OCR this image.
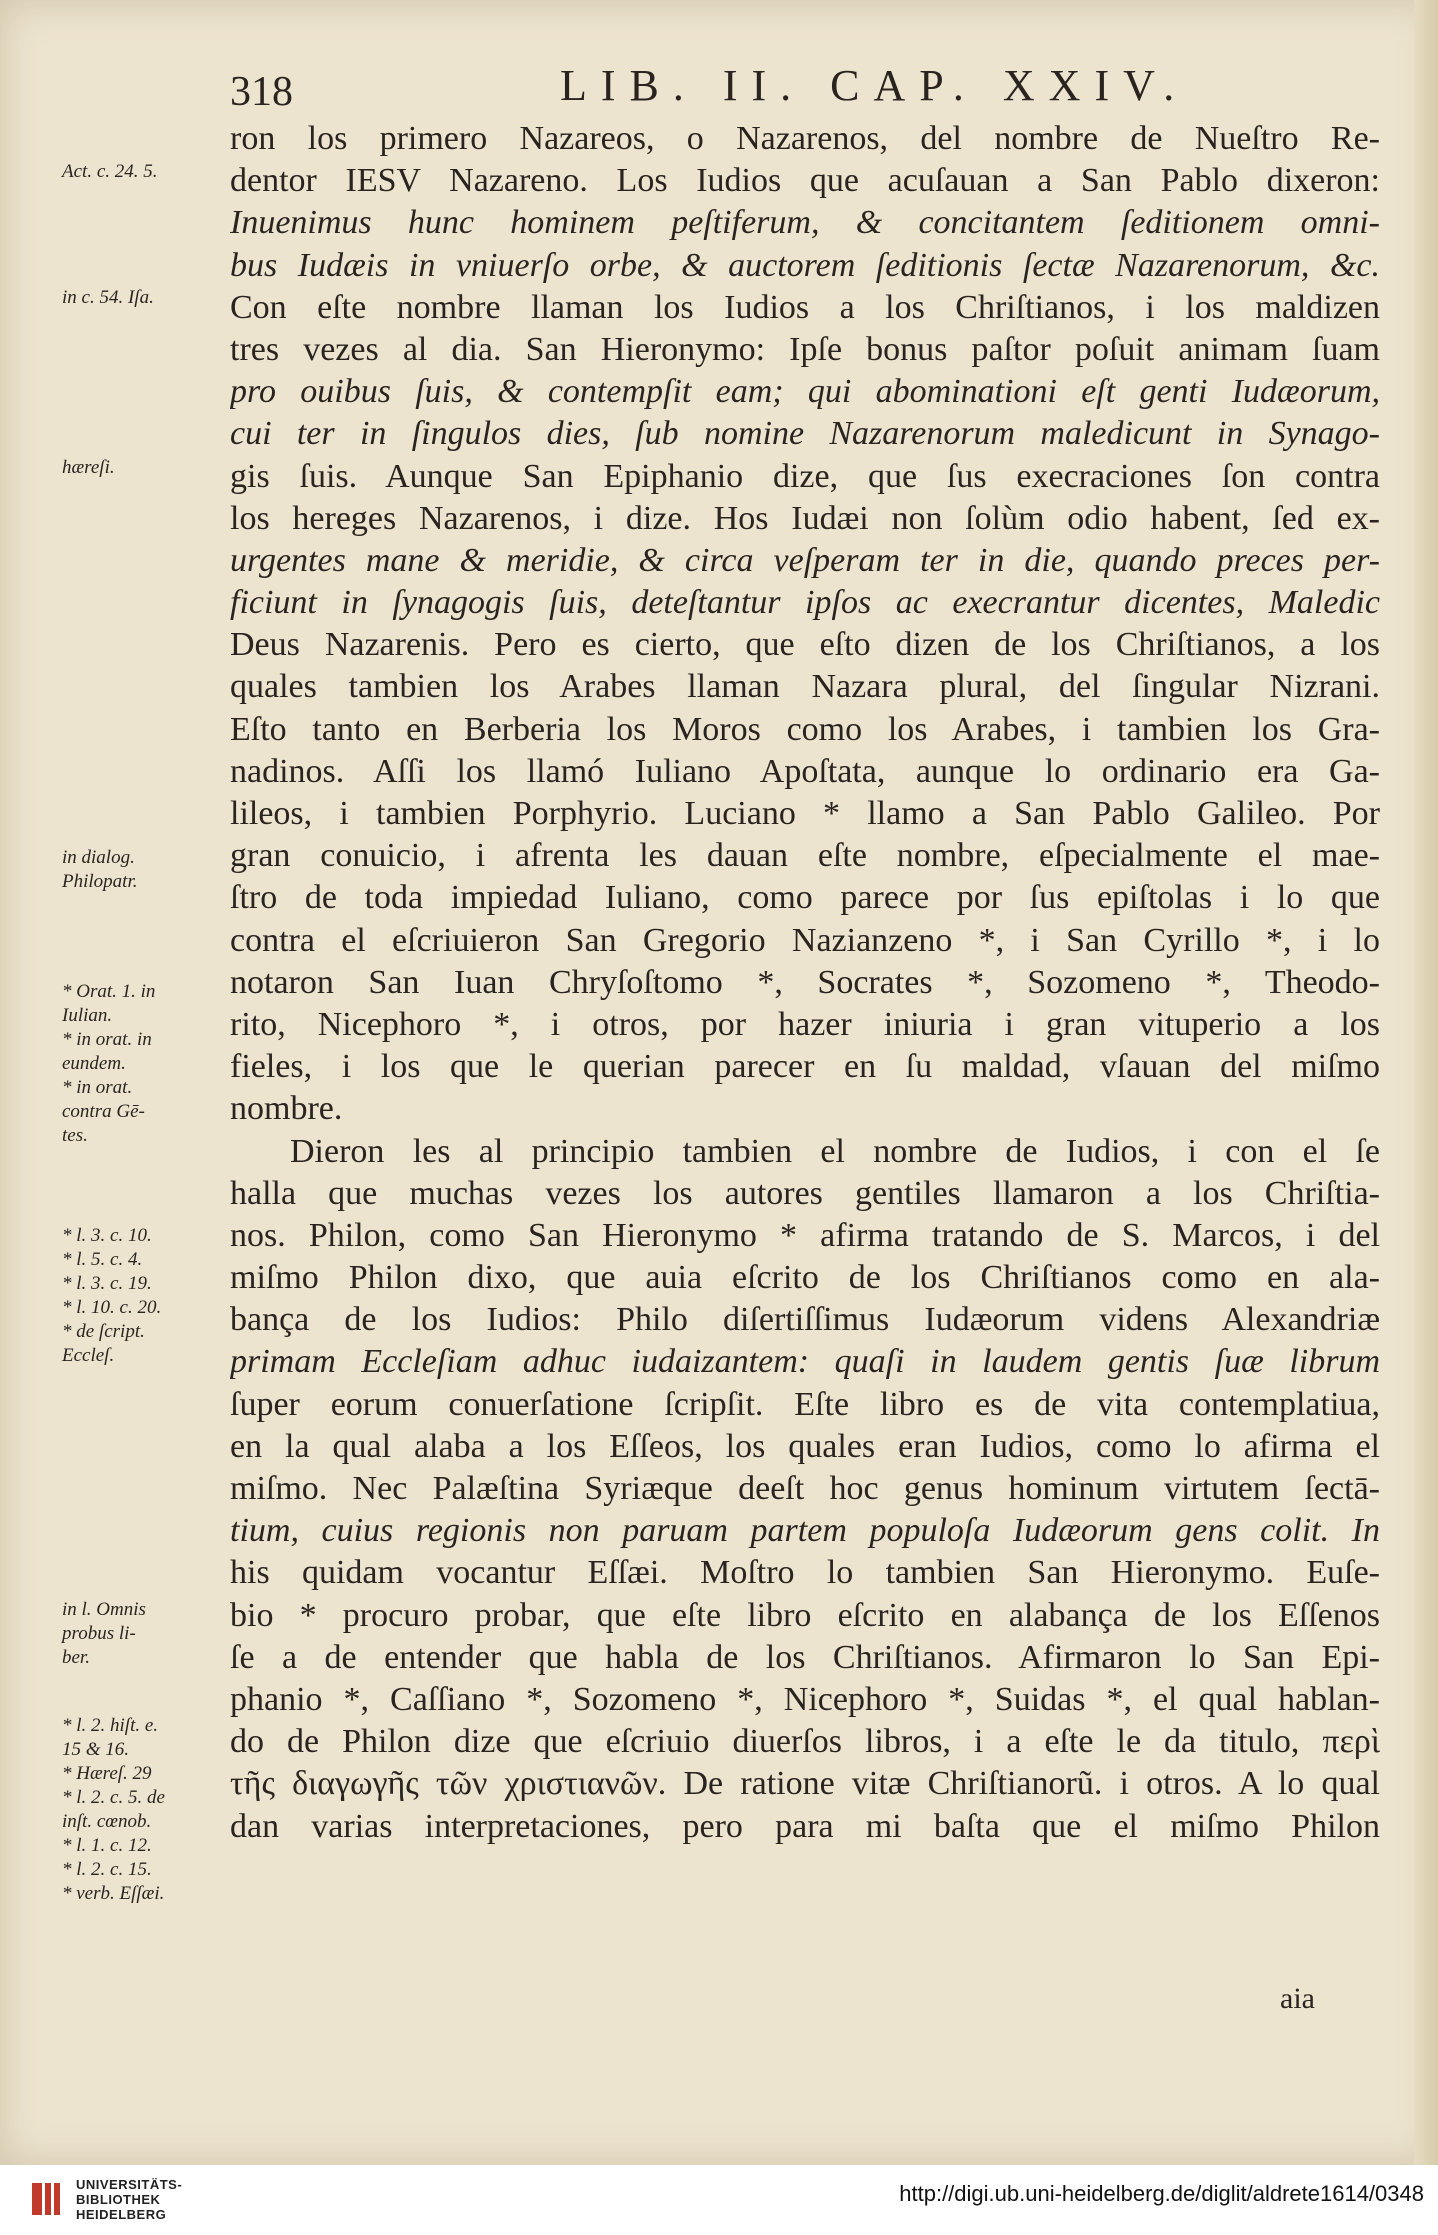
318	LIB. II. CAP. XXIV.
Act. c. 24. 5.
in c. 54. Iſa.
hæreſi.
in dialog.
Philopatr.
* Orat. 1. in
Iulian.
* in orat. in
eundem.
* in orat.
contra Gē-
tes.
* l. 3. c. 10.
* l. 5. c. 4.
* l. 3. c. 19.
* l. 10. c. 20.
* de ſcript.
Eccleſ.
in l. Omnis
probus li-
ber.
* l. 2. hiſt. e.
15 & 16.
* Hæreſ. 29
* l. 2. c. 5. de
inſt. cœnob.
* l. 1. c. 12.
* l. 2. c. 15.
* verb. Eſſæi.
ron los primero Nazareos, o Nazarenos, del nombre de Nueſtro Re-
dentor IESV Nazareno. Los Iudios que acuſauan a San Pablo dixeron:
Inuenimus hunc hominem peſtiferum, & concitantem ſeditionem omni-
bus Iudæis in vniuerſo orbe, & auctorem ſeditionis ſectæ Nazarenorum, &c.
Con eſte nombre llaman los Iudios a los Chriſtianos, i los maldizen
tres vezes al dia. San Hieronymo: Ipſe bonus paſtor poſuit animam ſuam
pro ouibus ſuis, & contempſit eam; qui abominationi eſt genti Iudæorum,
cui ter in ſingulos dies, ſub nomine Nazarenorum maledicunt in Synago-
gis ſuis. Aunque San Epiphanio dize, que ſus execraciones ſon contra
los hereges Nazarenos, i dize. Hos Iudæi non ſolùm odio habent, ſed ex-
urgentes mane & meridie, & circa veſperam ter in die, quando preces per-
ficiunt in ſynagogis ſuis, deteſtantur ipſos ac execrantur dicentes, Maledic
Deus Nazarenis. Pero es cierto, que eſto dizen de los Chriſtianos, a los
quales tambien los Arabes llaman Nazara plural, del ſingular Nizrani.
Eſto tanto en Berberia los Moros como los Arabes, i tambien los Gra-
nadinos. Aſſi los llamó Iuliano Apoſtata, aunque lo ordinario era Ga-
lileos, i tambien Porphyrio. Luciano * llamo a San Pablo Galileo. Por
gran conuicio, i afrenta les dauan eſte nombre, eſpecialmente el mae-
ſtro de toda impiedad Iuliano, como parece por ſus epiſtolas i lo que
contra el eſcriuieron San Gregorio Nazianzeno *, i San Cyrillo *, i lo
notaron San Iuan Chryſoſtomo *, Socrates *, Sozomeno *, Theodo-
rito, Nicephoro *, i otros, por hazer iniuria i gran vituperio a los
fieles, i los que le querian parecer en ſu maldad, vſauan del miſmo
nombre.
Dieron les al principio tambien el nombre de Iudios, i con el ſe
halla que muchas vezes los autores gentiles llamaron a los Chriſtia-
nos. Philon, como San Hieronymo * afirma tratando de S. Marcos, i del
miſmo Philon dixo, que auia eſcrito de los Chriſtianos como en ala-
bança de los Iudios: Philo diſertiſſimus Iudæorum videns Alexandriæ
primam Eccleſiam adhuc iudaizantem: quaſi in laudem gentis ſuæ librum
ſuper eorum conuerſatione ſcripſit. Eſte libro es de vita contemplatiua,
en la qual alaba a los Eſſeos, los quales eran Iudios, como lo afirma el
miſmo. Nec Palæſtina Syriæque deeſt hoc genus hominum virtutem ſectā-
tium, cuius regionis non paruam partem populoſa Iudæorum gens colit. In
his quidam vocantur Eſſæi. Moſtro lo tambien San Hieronymo. Euſe-
bio * procuro probar, que eſte libro eſcrito en alabança de los Eſſenos
ſe a de entender que habla de los Chriſtianos. Afirmaron lo San Epi-
phanio *, Caſſiano *, Sozomeno *, Nicephoro *, Suidas *, el qual hablan-
do de Philon dize que eſcriuio diuerſos libros, i a eſte le da titulo, περὶ
τῆς διαγωγῆς τῶν χριστιανῶν. De ratione vitæ Chriſtianorũ. i otros. A lo qual
dan varias interpretaciones, pero para mi baſta que el miſmo Philon
aia
UNIVERSITÄTS-
BIBLIOTHEK
HEIDELBERG
http://digi.ub.uni-heidelberg.de/diglit/aldrete1614/0348
